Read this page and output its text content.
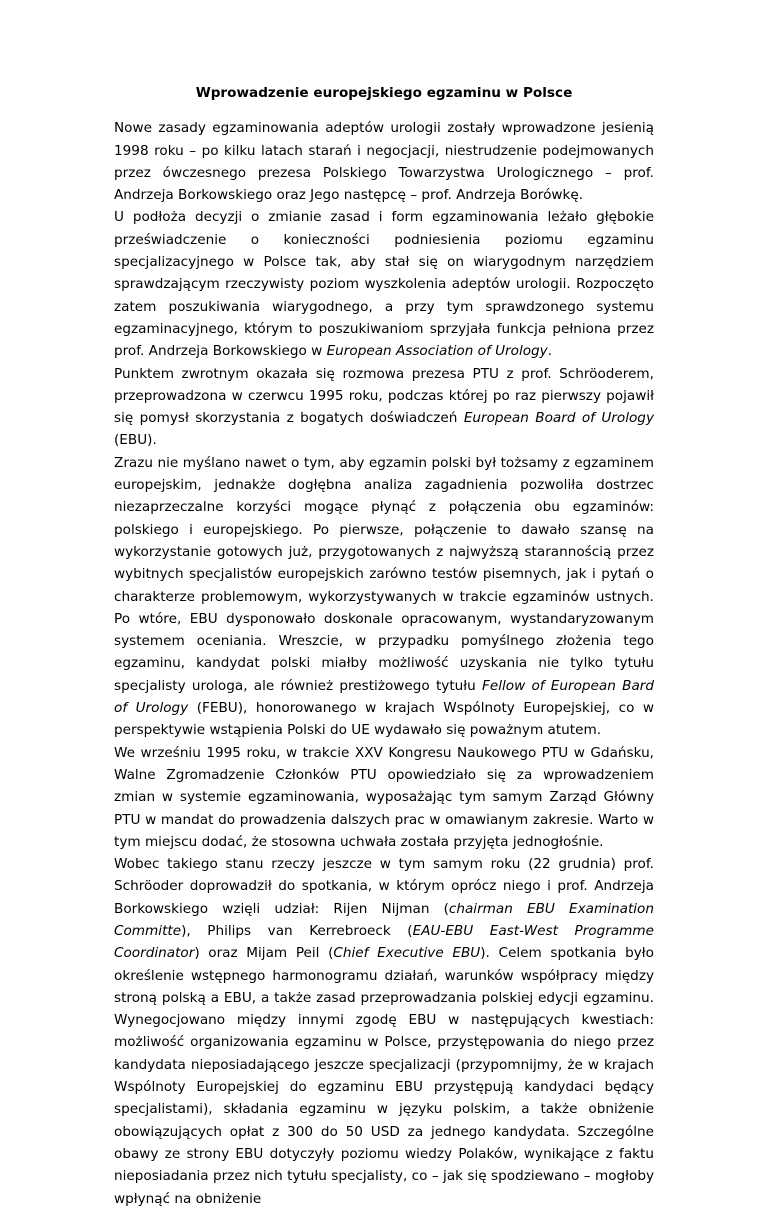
Wprowadzenie europejskiego egzaminu w Polsce

Nowe zasady egzaminowania adeptów urologii zostały wprowadzone jesienią 1998 roku – po kilku latach starań i negocjacji, niestrudzenie podejmowanych przez ówczesnego prezesa Polskiego Towarzystwa Urologicznego – prof. Andrzeja Borkowskiego oraz Jego następcę – prof. Andrzeja Borówkę.

U podłoża decyzji o zmianie zasad i form egzaminowania leżało głębokie przeświadczenie o konieczności podniesienia poziomu egzaminu specjalizacyjnego w Polsce tak, aby stał się on wiarygodnym narzędziem sprawdzającym rzeczywisty poziom wyszkolenia adeptów urologii. Rozpoczęto zatem poszukiwania wiarygodnego, a przy tym sprawdzonego systemu egzaminacyjnego, którym to poszukiwaniom sprzyjała funkcja pełniona przez prof. Andrzeja Borkowskiego w European Association of Urology.

Punktem zwrotnym okazała się rozmowa prezesa PTU z prof. Schröoderem, przeprowadzona w czerwcu 1995 roku, podczas której po raz pierwszy pojawił się pomysł skorzystania z bogatych doświadczeń European Board of Urology (EBU).

Zrazu nie myślano nawet o tym, aby egzamin polski był tożsamy z egzaminem europejskim, jednakże dogłębna analiza zagadnienia pozwoliła dostrzec niezaprzeczalne korzyści mogące płynąć z połączenia obu egzaminów: polskiego i europejskiego. Po pierwsze, połączenie to dawało szansę na wykorzystanie gotowych już, przygotowanych z najwyższą starannością przez wybitnych specjalistów europejskich zarówno testów pisemnych, jak i pytań o charakterze problemowym, wykorzystywanych w trakcie egzaminów ustnych. Po wtóre, EBU dysponowało doskonale opracowanym, wystandaryzowanym systemem oceniania. Wreszcie, w przypadku pomyślnego złożenia tego egzaminu, kandydat polski miałby możliwość uzyskania nie tylko tytułu specjalisty urologa, ale również prestiżowego tytułu Fellow of European Bard of Urology (FEBU), honorowanego w krajach Wspólnoty Europejskiej, co w perspektywie wstąpienia Polski do UE wydawało się poważnym atutem.

We wrześniu 1995 roku, w trakcie XXV Kongresu Naukowego PTU w Gdańsku, Walne Zgromadzenie Członków PTU opowiedziało się za wprowadzeniem zmian w systemie egzaminowania, wyposażając tym samym Zarząd Główny PTU w mandat do prowadzenia dalszych prac w omawianym zakresie. Warto w tym miejscu dodać, że stosowna uchwała została przyjęta jednogłośnie.

Wobec takiego stanu rzeczy jeszcze w tym samym roku (22 grudnia) prof. Schröoder doprowadził do spotkania, w którym oprócz niego i prof. Andrzeja Borkowskiego wzięli udział: Rijen Nijman (chairman EBU Examination Committe), Philips van Kerrebroeck (EAU-EBU East-West Programme Coordinator) oraz Mijam Peil (Chief Executive EBU). Celem spotkania było określenie wstępnego harmonogramu działań, warunków współpracy między stroną polską a EBU, a także zasad przeprowadzania polskiej edycji egzaminu. Wynegocjowano między innymi zgodę EBU w następujących kwestiach: możliwość organizowania egzaminu w Polsce, przystępowania do niego przez kandydata nieposiadającego jeszcze specjalizacji (przypomnijmy, że w krajach Wspólnoty Europejskiej do egzaminu EBU przystępują kandydaci będący specjalistami), składania egzaminu w języku polskim, a także obniżenie obowiązujących opłat z 300 do 50 USD za jednego kandydata. Szczególne obawy ze strony EBU dotyczyły poziomu wiedzy Polaków, wynikające z faktu nieposiadania przez nich tytułu specjalisty, co – jak się spodziewano – mogłoby wpłynąć na obniżenie
